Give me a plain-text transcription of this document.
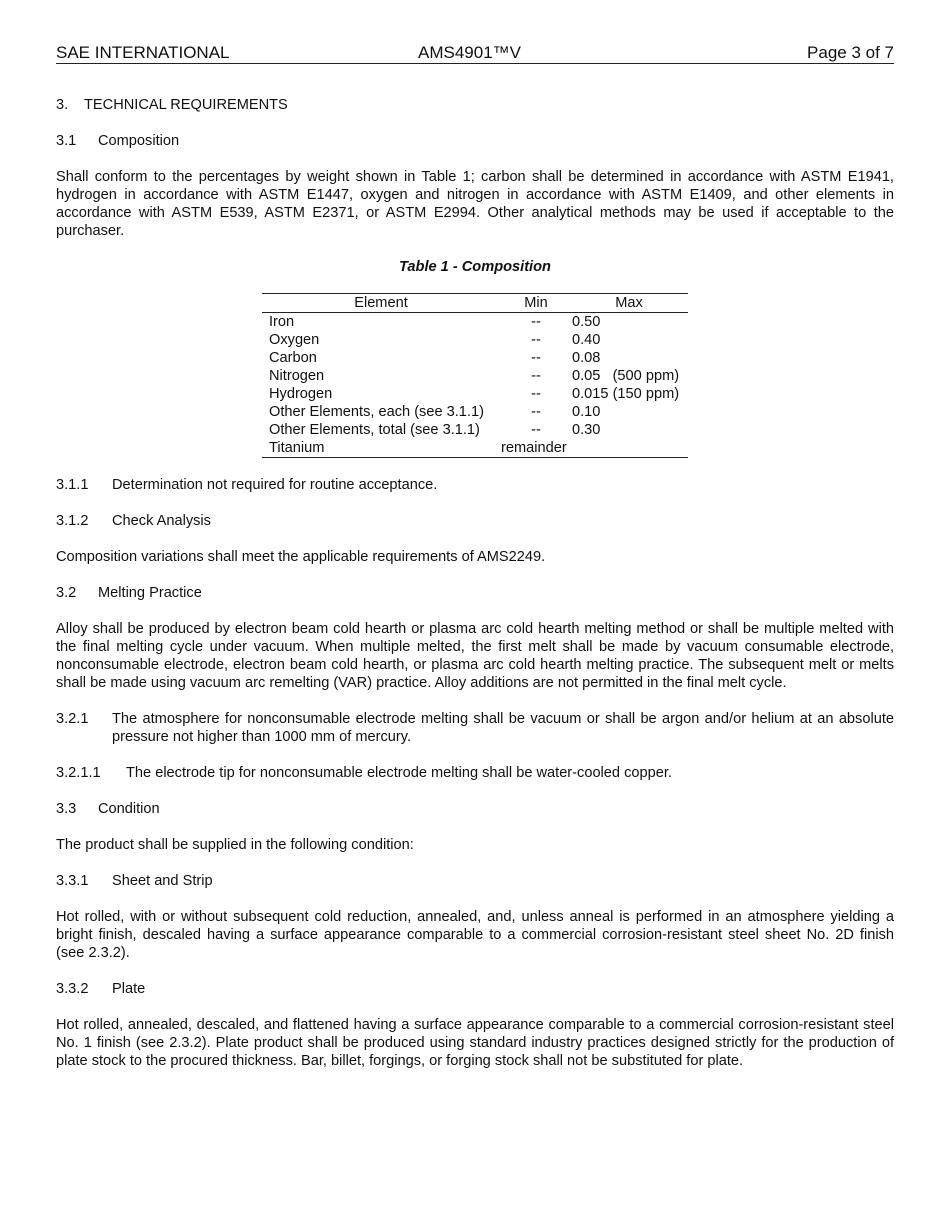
SAE INTERNATIONAL	AMS4901™V	Page 3 of 7
3. TECHNICAL REQUIREMENTS
3.1 Composition
Shall conform to the percentages by weight shown in Table 1; carbon shall be determined in accordance with ASTM E1941, hydrogen in accordance with ASTM E1447, oxygen and nitrogen in accordance with ASTM E1409, and other elements in accordance with ASTM E539, ASTM E2371, or ASTM E2994. Other analytical methods may be used if acceptable to the purchaser.
Table 1 - Composition
Element	Min	Max
Iron	--	0.50
Oxygen	--	0.40
Carbon	--	0.08
Nitrogen	--	0.05   (500 ppm)
Hydrogen	--	0.015 (150 ppm)
Other Elements, each (see 3.1.1)	--	0.10
Other Elements, total (see 3.1.1)	--	0.30
Titanium	remainder
3.1.1 Determination not required for routine acceptance.
3.1.2 Check Analysis
Composition variations shall meet the applicable requirements of AMS2249.
3.2 Melting Practice
Alloy shall be produced by electron beam cold hearth or plasma arc cold hearth melting method or shall be multiple melted with the final melting cycle under vacuum. When multiple melted, the first melt shall be made by vacuum consumable electrode, nonconsumable electrode, electron beam cold hearth, or plasma arc cold hearth melting practice. The subsequent melt or melts shall be made using vacuum arc remelting (VAR) practice. Alloy additions are not permitted in the final melt cycle.
3.2.1 The atmosphere for nonconsumable electrode melting shall be vacuum or shall be argon and/or helium at an absolute pressure not higher than 1000 mm of mercury.
3.2.1.1 The electrode tip for nonconsumable electrode melting shall be water-cooled copper.
3.3 Condition
The product shall be supplied in the following condition:
3.3.1 Sheet and Strip
Hot rolled, with or without subsequent cold reduction, annealed, and, unless anneal is performed in an atmosphere yielding a bright finish, descaled having a surface appearance comparable to a commercial corrosion-resistant steel sheet No. 2D finish (see 2.3.2).
3.3.2 Plate
Hot rolled, annealed, descaled, and flattened having a surface appearance comparable to a commercial corrosion-resistant steel No. 1 finish (see 2.3.2). Plate product shall be produced using standard industry practices designed strictly for the production of plate stock to the procured thickness. Bar, billet, forgings, or forging stock shall not be substituted for plate.
